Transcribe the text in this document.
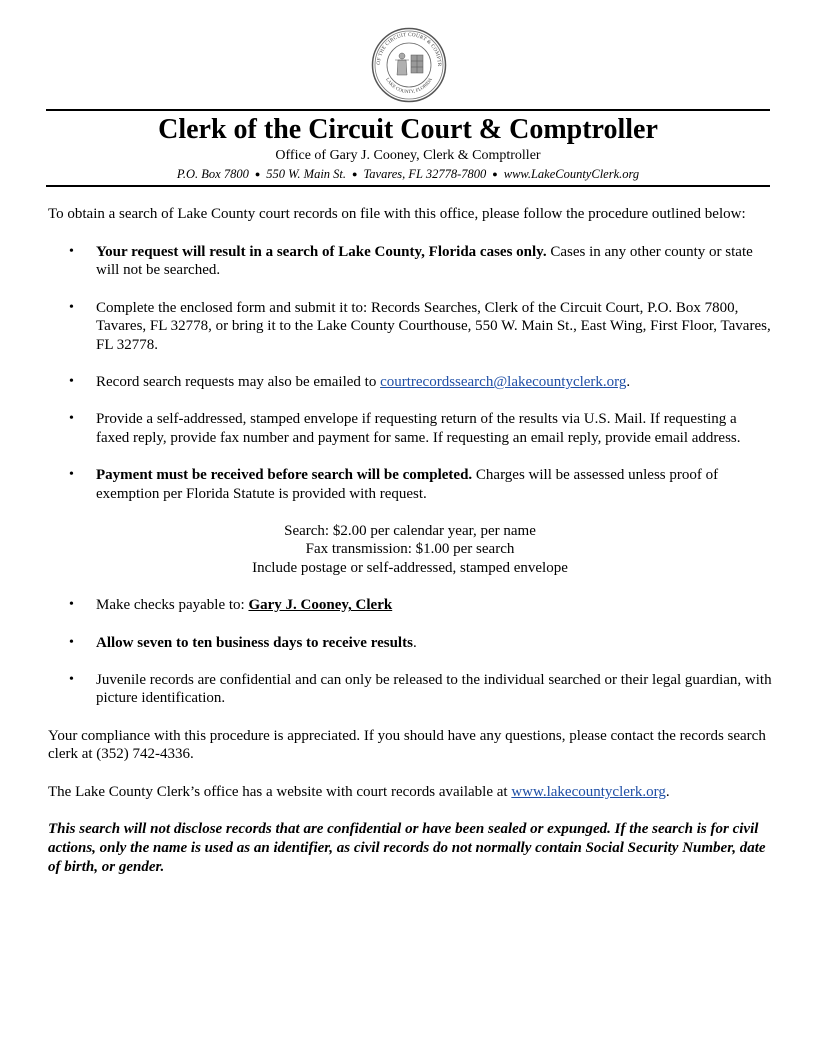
OF THE CIRCUIT COURT & COMPTR
LAKE COUNTY, FLORIDA
Clerk of the Circuit Court & Comptroller
Office of Gary J. Cooney, Clerk & Comptroller
P.O. Box 7800 ● 550 W. Main St. ● Tavares, FL 32778-7800 ● www.LakeCountyClerk.org

To obtain a search of Lake County court records on file with this office, please follow the procedure outlined below:

• Your request will result in a search of Lake County, Florida cases only. Cases in any other county or state will not be searched.
• Complete the enclosed form and submit it to: Records Searches, Clerk of the Circuit Court, P.O. Box 7800, Tavares, FL 32778, or bring it to the Lake County Courthouse, 550 W. Main St., East Wing, First Floor, Tavares, FL 32778.
• Record search requests may also be emailed to courtrecordssearch@lakecountyclerk.org.
• Provide a self-addressed, stamped envelope if requesting return of the results via U.S. Mail. If requesting a faxed reply, provide fax number and payment for same. If requesting an email reply, provide email address.
• Payment must be received before search will be completed. Charges will be assessed unless proof of exemption per Florida Statute is provided with request.
Search: $2.00 per calendar year, per name
Fax transmission: $1.00 per search
Include postage or self-addressed, stamped envelope
• Make checks payable to: Gary J. Cooney, Clerk
• Allow seven to ten business days to receive results.
• Juvenile records are confidential and can only be released to the individual searched or their legal guardian, with picture identification.

Your compliance with this procedure is appreciated. If you should have any questions, please contact the records search clerk at (352) 742-4336.

The Lake County Clerk’s office has a website with court records available at www.lakecountyclerk.org.

This search will not disclose records that are confidential or have been sealed or expunged. If the search is for civil actions, only the name is used as an identifier, as civil records do not normally contain Social Security Number, date of birth, or gender.
